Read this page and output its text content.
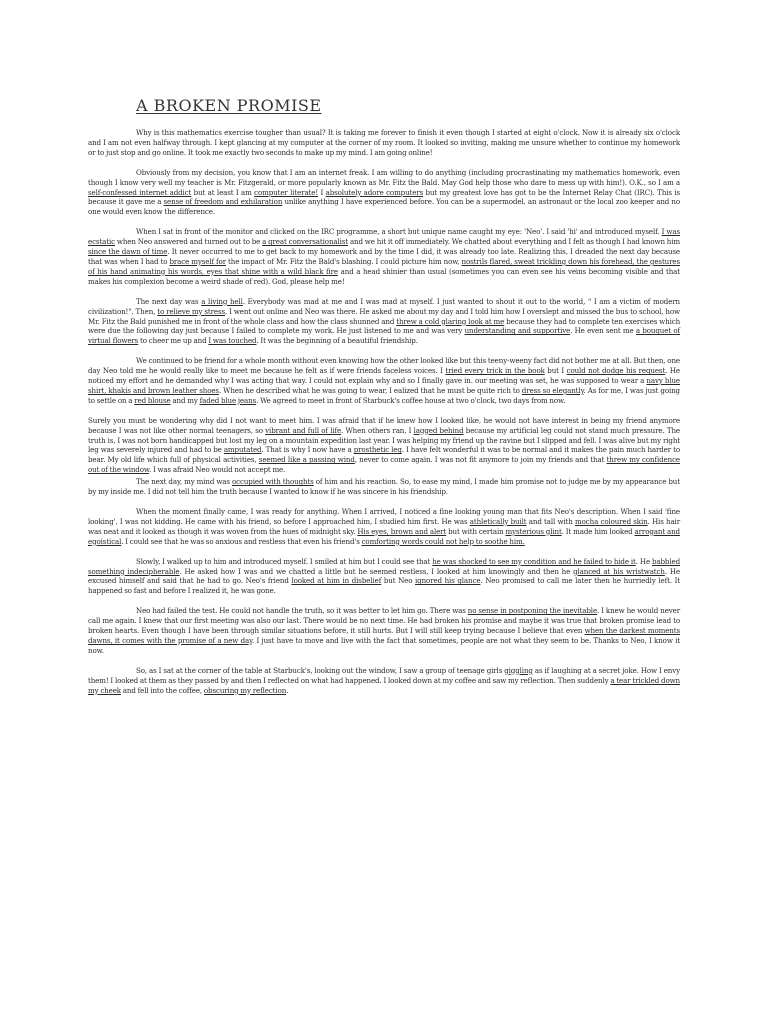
A BROKEN PROMISE

Why is this mathematics exercise tougher than usual? It is taking me forever to finish it even though I started at eight o'clock. Now it is already six o'clock and I am not even halfway through. I kept glancing at my computer at the corner of my room. It looked so inviting, making me unsure whether to continue my homework or to just stop and go online. It took me exactly two seconds to make up my mind. I am going online!

Obviously from my decision, you know that I am an internet freak. I am willing to do anything (including procrastinating my mathematics homework, even though I know very well my teacher is Mr. Fitzgerald, or more popularly known as Mr. Fitz the Bald. May God help those who dare to mess up with him!). O.K., so I am a self-confessed internet addict but at least I am computer literate! I absolutely adore computers but my greatest love has got to be the Internet Relay Chat (IRC). This is because it gave me a sense of freedom and exhilaration unlike anything I have experienced before. You can be a supermodel, an astronaut or the local zoo keeper and no one would even know the difference.

When I sat in front of the monitor and clicked on the IRC programme, a short but unique name caught my eye: 'Neo'. I said 'hi' and introduced myself. I was ecstatic when Neo answered and turned out to be a great conversationalist and we hit it off immediately. We chatted about everything and I felt as though I had known him since the dawn of time. It never occurred to me to get back to my homework and by the time I did, it was already too late. Realizing this, I dreaded the next day because that was when I had to brace myself for the impact of Mr. Fitz the Bald's blashing. I could picture him now, nostrils flared, sweat trickling down his forehead, the gestures of his hand animating his words, eyes that shine with a wild black fire and a head shinier than usual (sometimes you can even see his veins becoming visible and that makes his complexion become a weird shade of red). God, please help me!

The next day was a living hell. Everybody was mad at me and I was mad at myself. I just wanted to shout it out to the world, " I am a victim of modern civilization!". Then, to relieve my stress, I went out online and Neo was there. He asked me about my day and I told him how I overslept and missed the bus to school, how Mr. Fitz the Bald punished me in front of the whole class and how the class shunned and threw a cold glaring look at me because they had to complete ten exercises which were due the following day just because I failed to complete my work. He just listened to me and was very understanding and supportive. He even sent me a bouquet of virtual flowers to cheer me up and I was touched. It was the beginning of a beautiful friendship.

We continued to be friend for a whole month without even knowing how the other looked like but this teeny-weeny fact did not bother me at all. But then, one day Neo told me he would really like to meet me because he felt as if were friends faceless voices. I tried every trick in the book but I could not dodge his request. He noticed my effort and he demanded why I was acting that way. I could not explain why and so I finally gave in. our meeting was set, he was supposed to wear a navy blue shirt, khakis and brown leather shoes. When he described what he was going to wear, I ealized that he must be quite rich to dress so elegantly. As for me, I was just going to settle on a red blouse and my faded blue jeans. We agreed to meet in front of Starbuck's coffee house at two o'clock, two days from now.

Surely you must be wondering why did I not want to meet him. I was afraid that if he knew how I looked like, he would not have interest in being my friend anymore because I was not like other normal teenagers, so vibrant and full of life. When others ran, I lagged behind because my artificial leg could not stand much pressure. The truth is, I was not born handicapped but lost my leg on a mountain expedition last year. I was helping my friend up the ravine but I slipped and fell. I was alive but my right leg was severely injured and had to be amputated. That is why I now have a prosthetic leg. I have felt wonderful it was to be normal and it makes the pain much harder to bear. My old life which full of physical activities, seemed like a passing wind, never to come again. I was not fit anymore to join my friends and that threw my confidence out of the window. I was afraid Neo would not accept me.

The next day, my mind was occupied with thoughts of him and his reaction. So, to ease my mind, I made him promise not to judge me by my appearance but by my inside me. I did not tell him the truth because I wanted to know if he was sincere in his friendship.

When the moment finally came, I was ready for anything. When I arrived, I noticed a fine looking young man that fits Neo's description. When I said 'fine looking', I was not kidding. He came with his friend, so before I approached him, I studied him first. He was athletically built and tall with mocha coloured skin. His hair was neat and it looked as though it was woven from the hues of midnight sky. His eyes, brown and alert but with certain mysterious glint. It made him looked arrogant and egoistical. I could see that he was so anxious and restless that even his friend's comforting words could not help to soothe him.

Slowly, I walked up to him and introduced myself. I smiled at him but I could see that he was shocked to see my condition and he failed to hide it. He babbled something indecipherable. He asked how I was and we chatted a little but he seemed restless, I looked at him knowingly and then he glanced at his wristwatch. He excused himself and said that he had to go. Neo's friend looked at him in disbelief but Neo ignored his glance. Neo promised to call me later then he hurriedly left. It happened so fast and before I realized it, he was gone.

Neo had failed the test. He could not handle the truth, so it was better to let him go. There was no sense in postponing the inevitable. I knew he would never call me again. I knew that our first meeting was also our last. There would be no next time. He had broken his promise and maybe it was true that broken promise lead to broken hearts. Even though I have been through similar situations before, it still hurts. But I will still keep trying because I believe that even when the darkest moments dawns, it comes with the promise of a new day. I just have to move and live with the fact that sometimes, people are not what they seem to be. Thanks to Neo, I know it now.

So, as I sat at the corner of the table at Starbuck's, looking out the window, I saw a group of teenage girls giggling as if laughing at a secret joke. How I envy them! I looked at them as they passed by and then I reflected on what had happened. I looked down at my coffee and saw my reflection. Then suddenly a tear trickled down my cheek and fell into the coffee, obscuring my reflection.
